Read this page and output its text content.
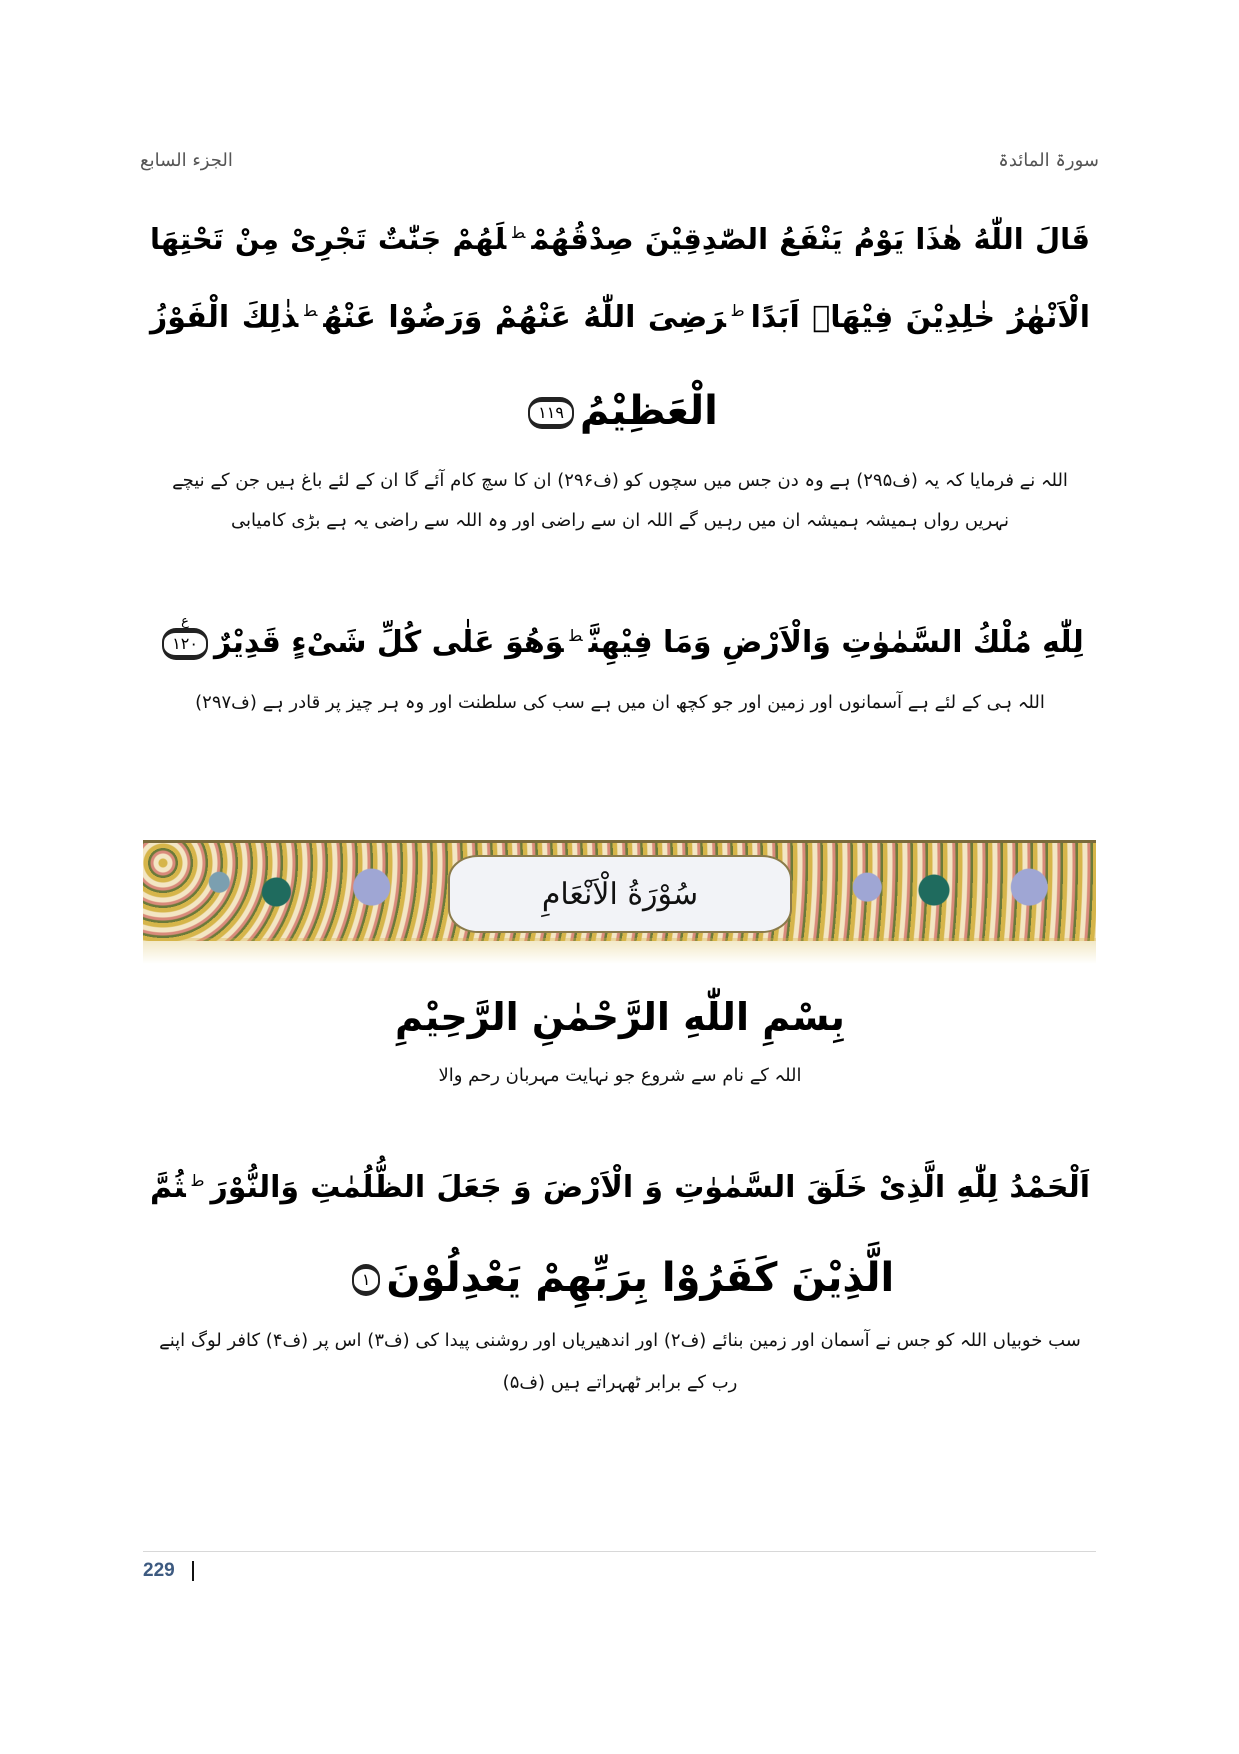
الجزء السابع	سورۃ المائدۃ
قَالَ اللّٰهُ هٰذَا يَوْمُ يَنْفَعُ الصّٰدِقِيْنَ صِدْقُهُمْ$^ط$لَهُمْ جَنّٰتٌ تَجْرِىْ مِنْ تَحْتِهَا
الْاَنْهٰرُ خٰلِدِيْنَ فِيْهَاۤ اَبَدًا$^ط$رَضِىَ اللّٰهُ عَنْهُمْ وَرَضُوْا عَنْهُ$^ط$ذٰلِكَ الْفَوْزُ
الْعَظِيْمُ١١٩
اللہ نے فرمایا کہ یہ (ف۲۹۵) ہے وہ دن جس میں سچوں کو (ف۲۹۶) ان کا سچ کام آئے گا ان کے لئے باغ ہیں جن کے نیچے
نہریں رواں ہمیشہ ہمیشہ ان میں رہیں گے اللہ ان سے راضی اور وہ اللہ سے راضی یہ ہے بڑی کامیابی
لِلّٰهِ مُلْكُ السَّمٰوٰتِ وَالْاَرْضِ وَمَا فِيْهِنَّ$^ط$وَهُوَ عَلٰى كُلِّ شَىْءٍ قَدِيْرٌ
ع
١٢٠
اللہ ہی کے لئے ہے آسمانوں اور زمین اور جو کچھ ان میں ہے سب کی سلطنت اور وہ ہر چیز پر قادر ہے (ف۲۹۷)
سُوْرَةُ الْاَنْعَامِ
بِسْمِ اللّٰهِ الرَّحْمٰنِ الرَّحِيْمِ
اللہ کے نام سے شروع جو نہایت مہربان رحم والا
اَلْحَمْدُ لِلّٰهِ الَّذِىْ خَلَقَ السَّمٰوٰتِ وَ الْاَرْضَ وَ جَعَلَ الظُّلُمٰتِ وَالنُّوْرَ$^ط$ثُمَّ
الَّذِيْنَ كَفَرُوْا بِرَبِّهِمْ يَعْدِلُوْنَ١
سب خوبیاں اللہ کو جس نے آسمان اور زمین بنائے (ف۲) اور اندھیریاں اور روشنی پیدا کی (ف۳) اس پر (ف۴) کافر لوگ اپنے
رب کے برابر ٹھہراتے ہیں (ف۵)
229
